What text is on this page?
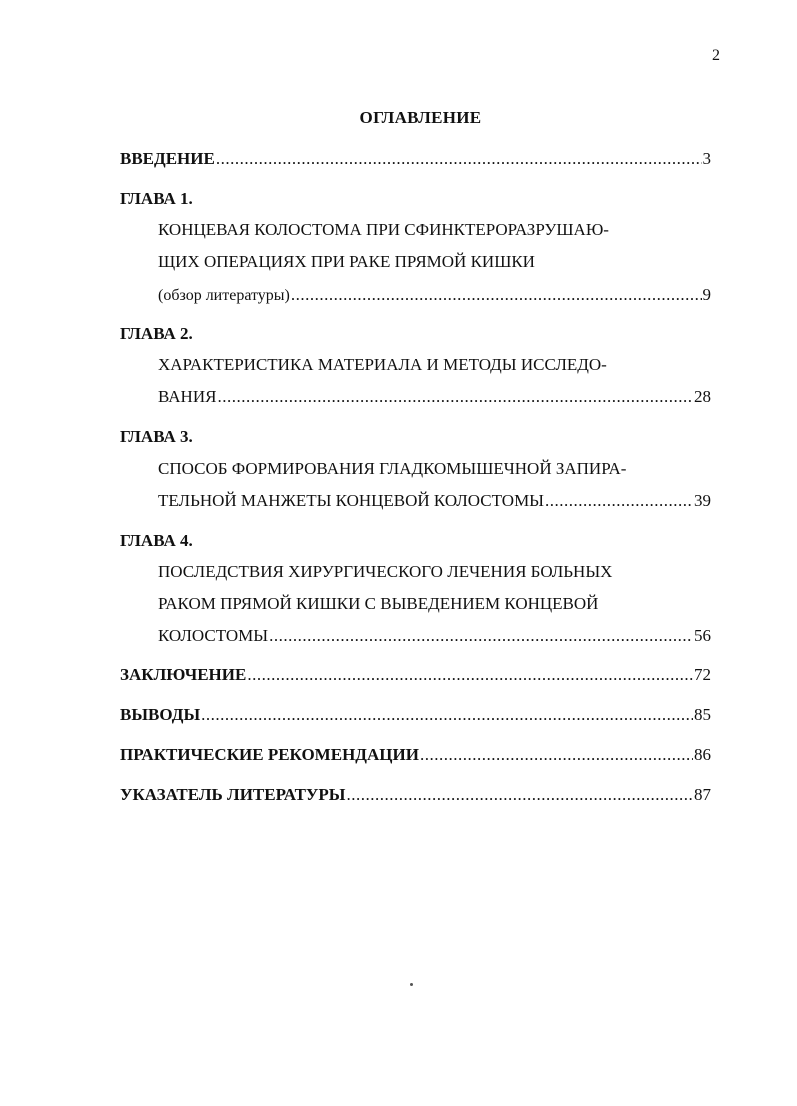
2
ОГЛАВЛЕНИЕ
ВВЕДЕНИЕ .....	3
ГЛАВА 1.
КОНЦЕВАЯ КОЛОСТОМА ПРИ СФИНКТЕРОРАЗРУШАЮ-
ЩИХ ОПЕРАЦИЯХ ПРИ РАКЕ ПРЯМОЙ КИШКИ
(обзор литературы) .....	9
ГЛАВА 2.
ХАРАКТЕРИСТИКА МАТЕРИАЛА И МЕТОДЫ ИССЛЕДО-
ВАНИЯ .....	28
ГЛАВА 3.
СПОСОБ ФОРМИРОВАНИЯ ГЛАДКОМЫШЕЧНОЙ ЗАПИРА-
ТЕЛЬНОЙ МАНЖЕТЫ КОНЦЕВОЙ КОЛОСТОМЫ .....	39
ГЛАВА 4.
ПОСЛЕДСТВИЯ ХИРУРГИЧЕСКОГО ЛЕЧЕНИЯ БОЛЬНЫХ
РАКОМ ПРЯМОЙ КИШКИ С ВЫВЕДЕНИЕМ КОНЦЕВОЙ
КОЛОСТОМЫ .....	56
ЗАКЛЮЧЕНИЕ .....	72
ВЫВОДЫ .....	85
ПРАКТИЧЕСКИЕ РЕКОМЕНДАЦИИ .....	86
УКАЗАТЕЛЬ ЛИТЕРАТУРЫ .....	87
